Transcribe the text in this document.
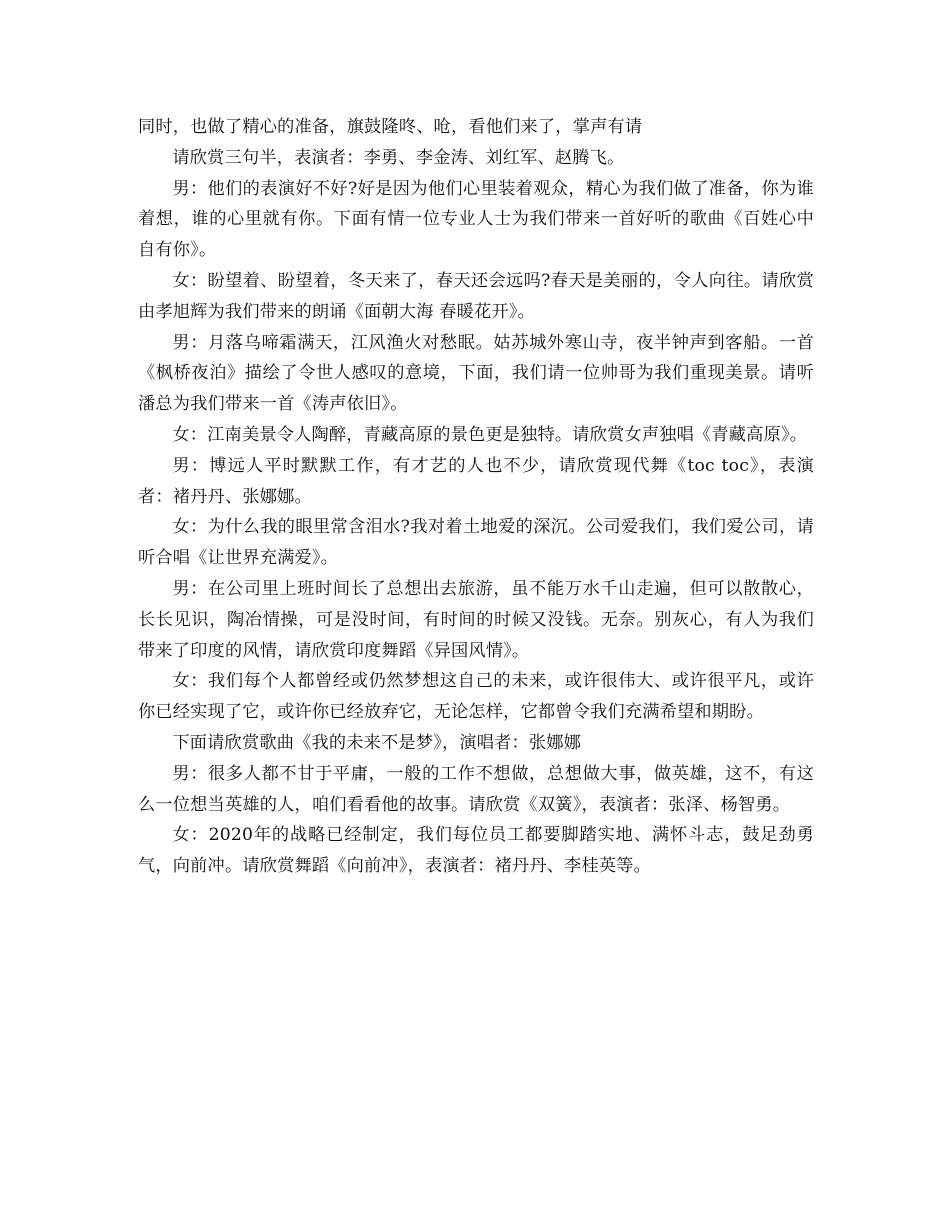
同时，也做了精心的准备，旗鼓隆咚、呛，看他们来了，掌声有请

请欣赏三句半，表演者：李勇、李金涛、刘红军、赵腾飞。

男：他们的表演好不好?好是因为他们心里装着观众，精心为我们做了准备，你为谁着想，谁的心里就有你。下面有情一位专业人士为我们带来一首好听的歌曲《百姓心中自有你》。

女：盼望着、盼望着，冬天来了，春天还会远吗?春天是美丽的，令人向往。请欣赏由孝旭辉为我们带来的朗诵《面朝大海 春暖花开》。

男：月落乌啼霜满天，江风渔火对愁眠。姑苏城外寒山寺，夜半钟声到客船。一首《枫桥夜泊》描绘了令世人感叹的意境，下面，我们请一位帅哥为我们重现美景。请听潘总为我们带来一首《涛声依旧》。

女：江南美景令人陶醉，青藏高原的景色更是独特。请欣赏女声独唱《青藏高原》。

男：博远人平时默默工作，有才艺的人也不少，请欣赏现代舞《toc toc》，表演者：褚丹丹、张娜娜。

女：为什么我的眼里常含泪水?我对着土地爱的深沉。公司爱我们，我们爱公司，请听合唱《让世界充满爱》。

男：在公司里上班时间长了总想出去旅游，虽不能万水千山走遍，但可以散散心，长长见识，陶冶情操，可是没时间，有时间的时候又没钱。无奈。别灰心，有人为我们带来了印度的风情，请欣赏印度舞蹈《异国风情》。

女：我们每个人都曾经或仍然梦想这自己的未来，或许很伟大、或许很平凡，或许你已经实现了它，或许你已经放弃它，无论怎样，它都曾令我们充满希望和期盼。

下面请欣赏歌曲《我的未来不是梦》，演唱者：张娜娜

男：很多人都不甘于平庸，一般的工作不想做，总想做大事，做英雄，这不，有这么一位想当英雄的人，咱们看看他的故事。请欣赏《双簧》，表演者：张泽、杨智勇。

女：2020年的战略已经制定，我们每位员工都要脚踏实地、满怀斗志，鼓足劲勇气，向前冲。请欣赏舞蹈《向前冲》，表演者：褚丹丹、李桂英等。
